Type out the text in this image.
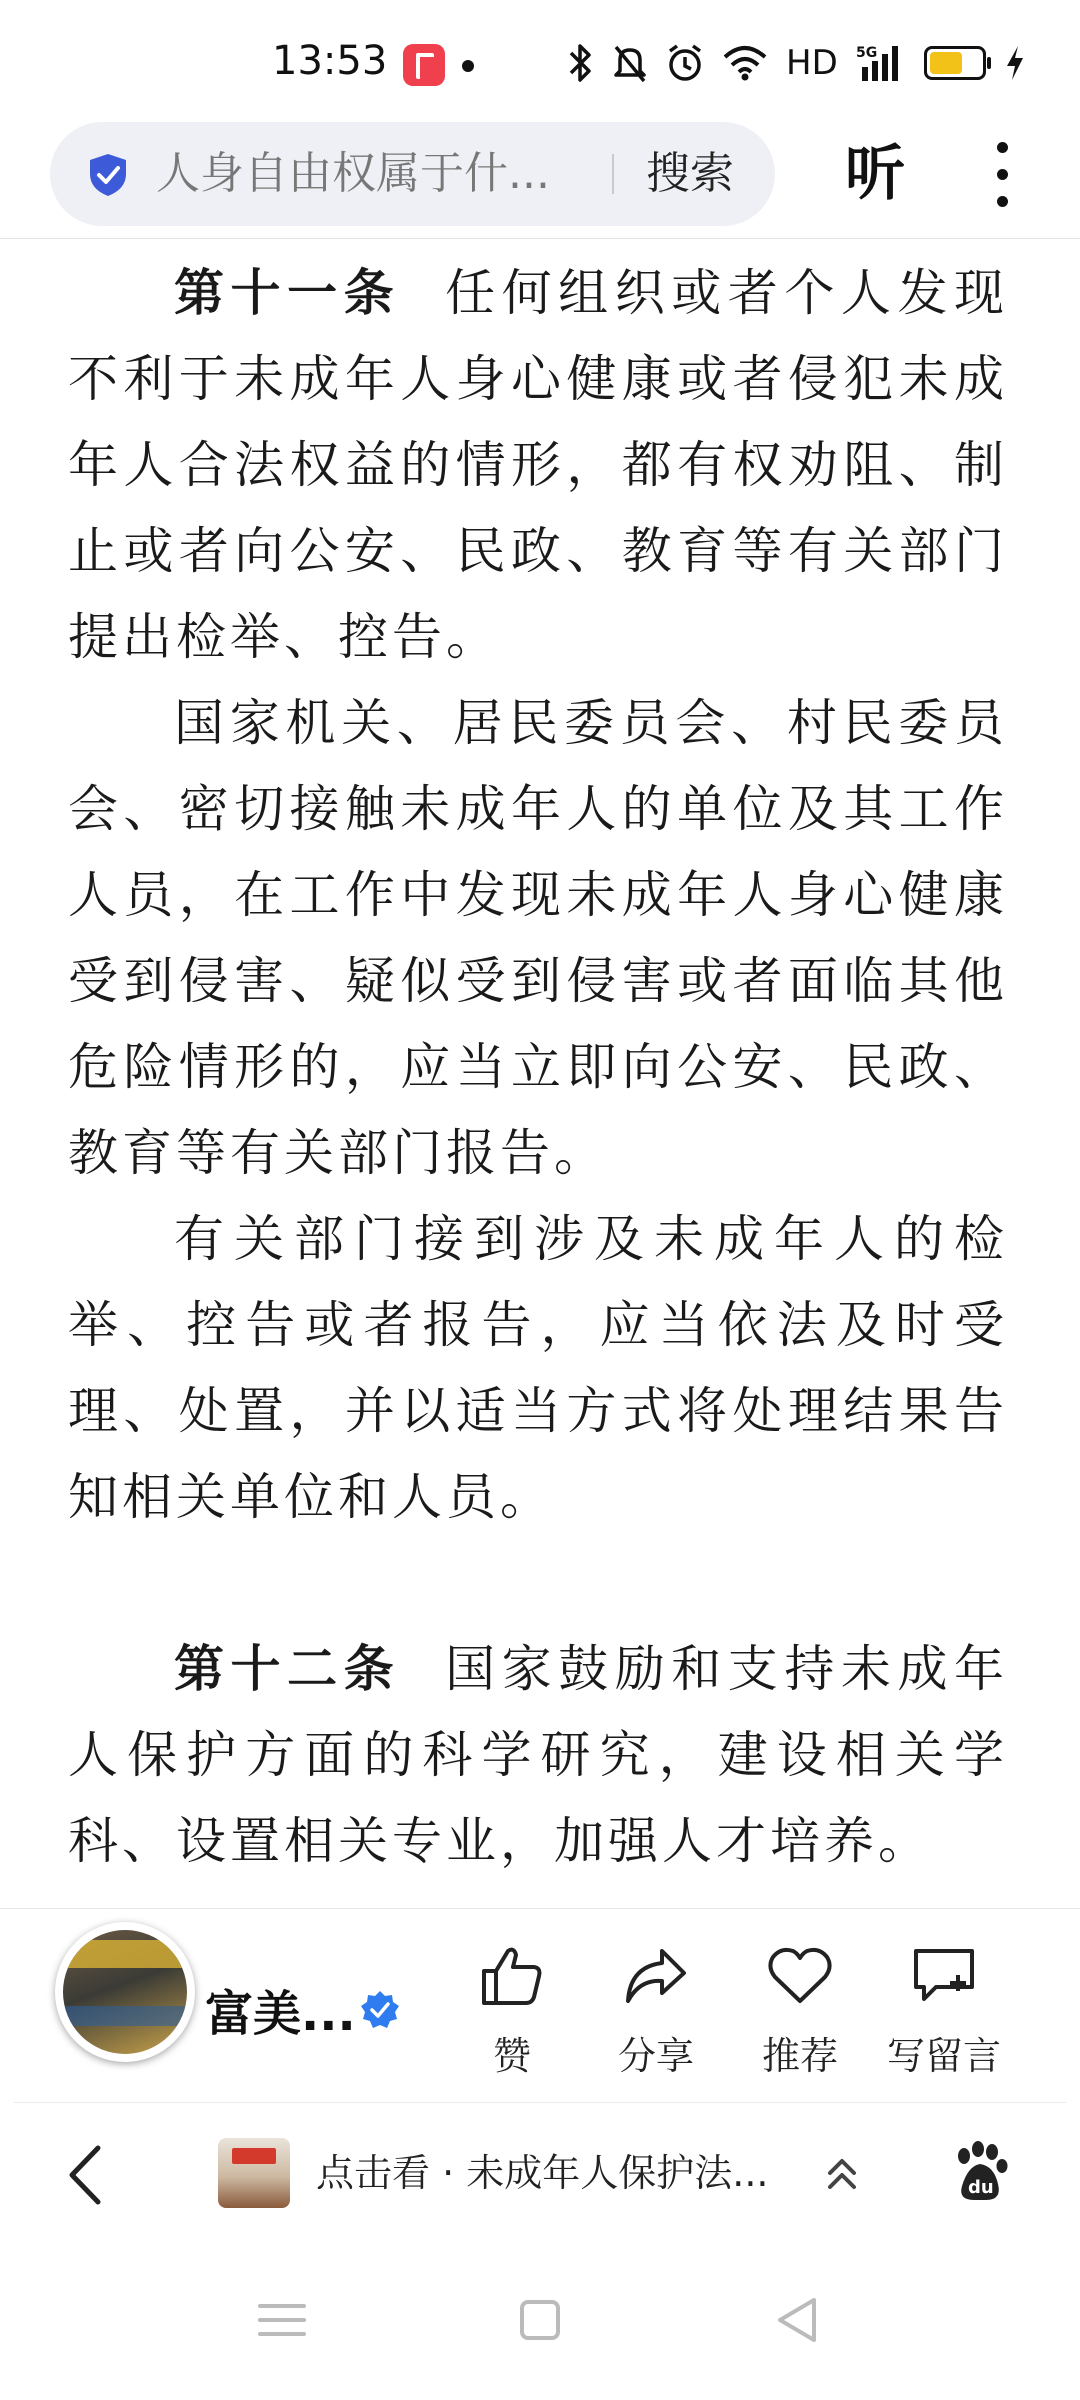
13:53	HD 5G
人身自由权属于什...	搜索 听

第十一条 任何组织或者个人发现不利于未成年人身心健康或者侵犯未成年人合法权益的情形，都有权劝阻、制止或者向公安、民政、教育等有关部门提出检举、控告。

国家机关、居民委员会、村民委员会、密切接触未成年人的单位及其工作人员，在工作中发现未成年人身心健康受到侵害、疑似受到侵害或者面临其他危险情形的，应当立即向公安、民政、教育等有关部门报告。

有关部门接到涉及未成年人的检举、控告或者报告，应当依法及时受理、处置，并以适当方式将处理结果告知相关单位和人员。

第十二条 国家鼓励和支持未成年人保护方面的科学研究，建设相关学科、设置相关专业，加强人才培养。

富美...
赞	分享	推荐	写留言
点击看 · 未成年人保护法...	du
